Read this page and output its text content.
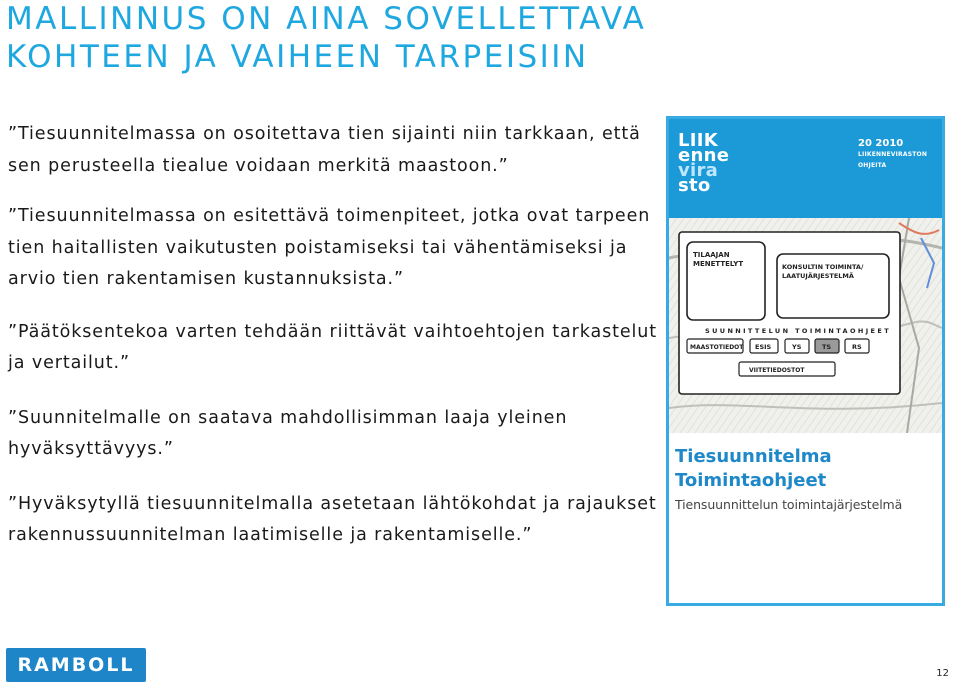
MALLINNUS ON AINA SOVELLETTAVA
KOHTEEN JA VAIHEEN TARPEISIIN

”Tiesuunnitelmassa on osoitettava tien sijainti niin tarkkaan, että sen perusteella tiealue voidaan merkitä maastoon.”

”Tiesuunnitelmassa on esitettävä toimenpiteet, jotka ovat tarpeen tien haitallisten vaikutusten poistamiseksi tai vähentämiseksi ja arvio tien rakentamisen kustannuksista.”

”Päätöksentekoa varten tehdään riittävät vaihtoehtojen tarkastelut ja vertailut.”

”Suunnitelmalle on saatava mahdollisimman laaja yleinen hyväksyttävyys.”

”Hyväksytyllä tiesuunnitelmalla asetetaan lähtökohdat ja rajaukset rakennussuunnitelman laatimiselle ja rakentamiselle.”

LIIK
enne
vira
sto
20 2010
LIIKENNEVIRASTON
OHJEITA
TILAAJAN
MENETTELYT	KONSULTIN TOIMINTA/
LAATUJÄRJESTELMÄ
SUUNNITTELUN TOIMINTAOHJEET
MAASTOTIEDOT ESIS	YS	TS	RS
VIITETIEDOSTOT
Tiesuunnitelma
Toimintaohjeet
Tiensuunnittelun toimintajärjestelmä
RAMBOLL	12
